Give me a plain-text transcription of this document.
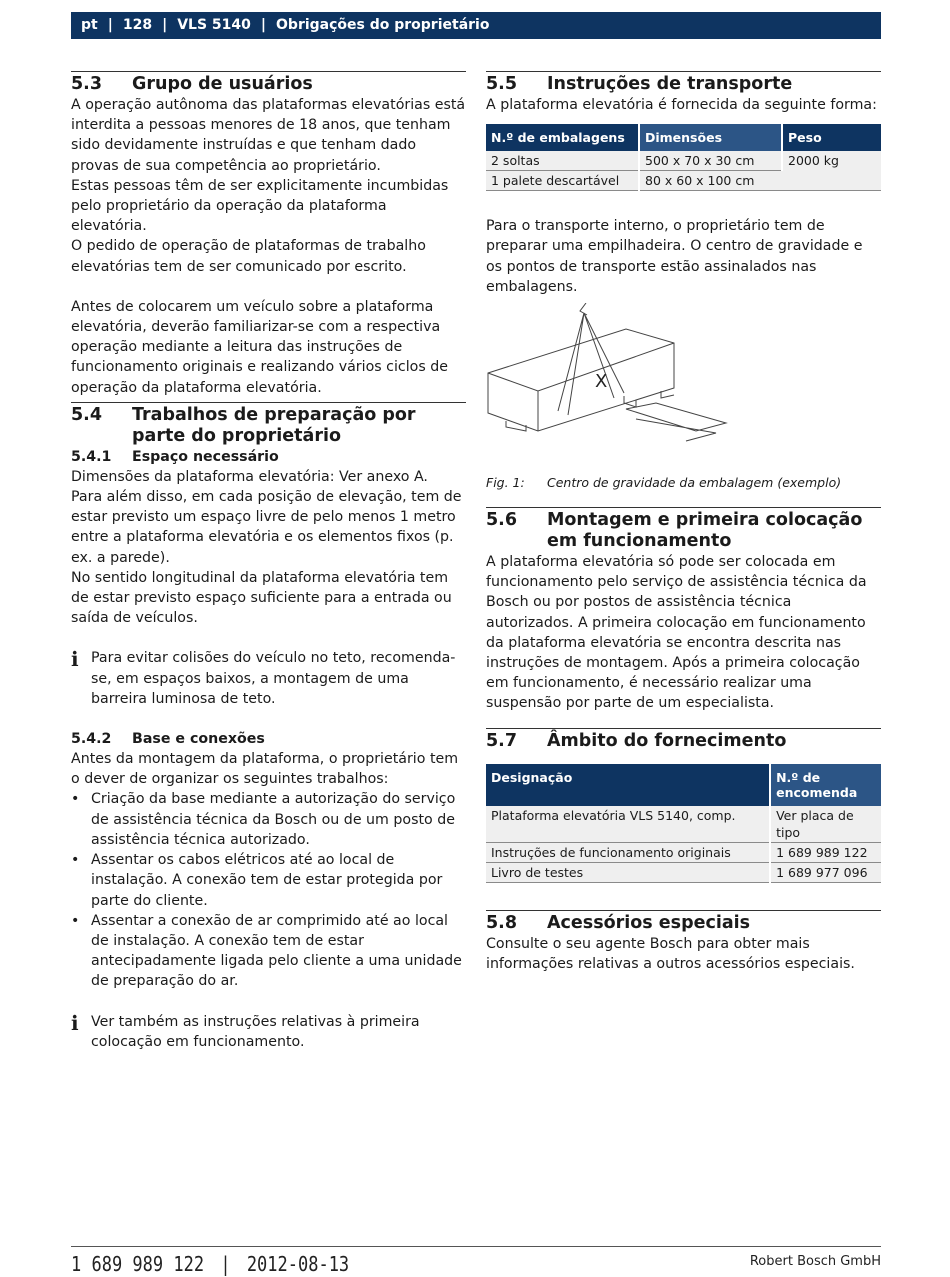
pt | 128 | VLS 5140 | Obrigações do proprietário
5.3	Grupo de usuários

A operação autônoma das plataformas elevatórias está interdita a pessoas menores de 18 anos, que tenham sido devidamente instruídas e que tenham dado provas de sua competência ao proprietário.

Estas pessoas têm de ser explicitamente incumbidas pelo proprietário da operação da plataforma elevatória.

O pedido de operação de plataformas de trabalho elevatórias tem de ser comunicado por escrito.

Antes de colocarem um veículo sobre a plataforma elevatória, deverão familiarizar-se com a respectiva operação mediante a leitura das instruções de funcionamento originais e realizando vários ciclos de operação da plataforma elevatória.

5.4	Trabalhos de preparação por parte do proprietário
5.4.1	Espaço necessário

Dimensões da plataforma elevatória: Ver anexo A.

Para além disso, em cada posição de elevação, tem de estar previsto um espaço livre de pelo menos 1 metro entre a plataforma elevatória e os elementos fixos (p. ex. a parede).

No sentido longitudinal da plataforma elevatória tem de estar previsto espaço suficiente para a entrada ou saída de veículos.

ℹ Para evitar colisões do veículo no teto, recomenda-se, em espaços baixos, a montagem de uma barreira luminosa de teto.
5.4.2	Base e conexões

Antes da montagem da plataforma, o proprietário tem o dever de organizar os seguintes trabalhos:

• Criação da base mediante a autorização do serviço de assistência técnica da Bosch ou de um posto de assistência técnica autorizado.
• Assentar os cabos elétricos até ao local de instalação. A conexão tem de estar protegida por parte do cliente.
• Assentar a conexão de ar comprimido até ao local de instalação. A conexão tem de estar antecipadamente ligada pelo cliente a uma unidade de preparação do ar.
ℹ Ver também as instruções relativas à primeira colocação em funcionamento.
5.5	Instruções de transporte

A plataforma elevatória é fornecida da seguinte forma:

N.º de embalagens	Dimensões	Peso
2 soltas	500 x 70 x 30 cm	2000 kg
1 palete descartável	80 x 60 x 100 cm	

Para o transporte interno, o proprietário tem de preparar uma empilhadeira. O centro de gravidade e os pontos de transporte estão assinalados nas embalagens.

X
Fig. 1:	Centro de gravidade da embalagem (exemplo)
5.6	Montagem e primeira colocação em funcionamento

A plataforma elevatória só pode ser colocada em funcionamento pelo serviço de assistência técnica da Bosch ou por postos de assistência técnica autorizados. A primeira colocação em funcionamento da plataforma elevatória se encontra descrita nas instruções de montagem. Após a primeira colocação em funcionamento, é necessário realizar uma suspensão por parte de um especialista.

5.7	Âmbito do fornecimento
Designação	N.º de encomenda
Plataforma elevatória VLS 5140, comp.	Ver placa de tipo
Instruções de funcionamento originais	1 689 989 122
Livro de testes	1 689 977 096
5.8	Acessórios especiais

Consulte o seu agente Bosch para obter mais informações relativas a outros acessórios especiais.

1 689 989 122 | 2012-08-13	Robert Bosch GmbH
